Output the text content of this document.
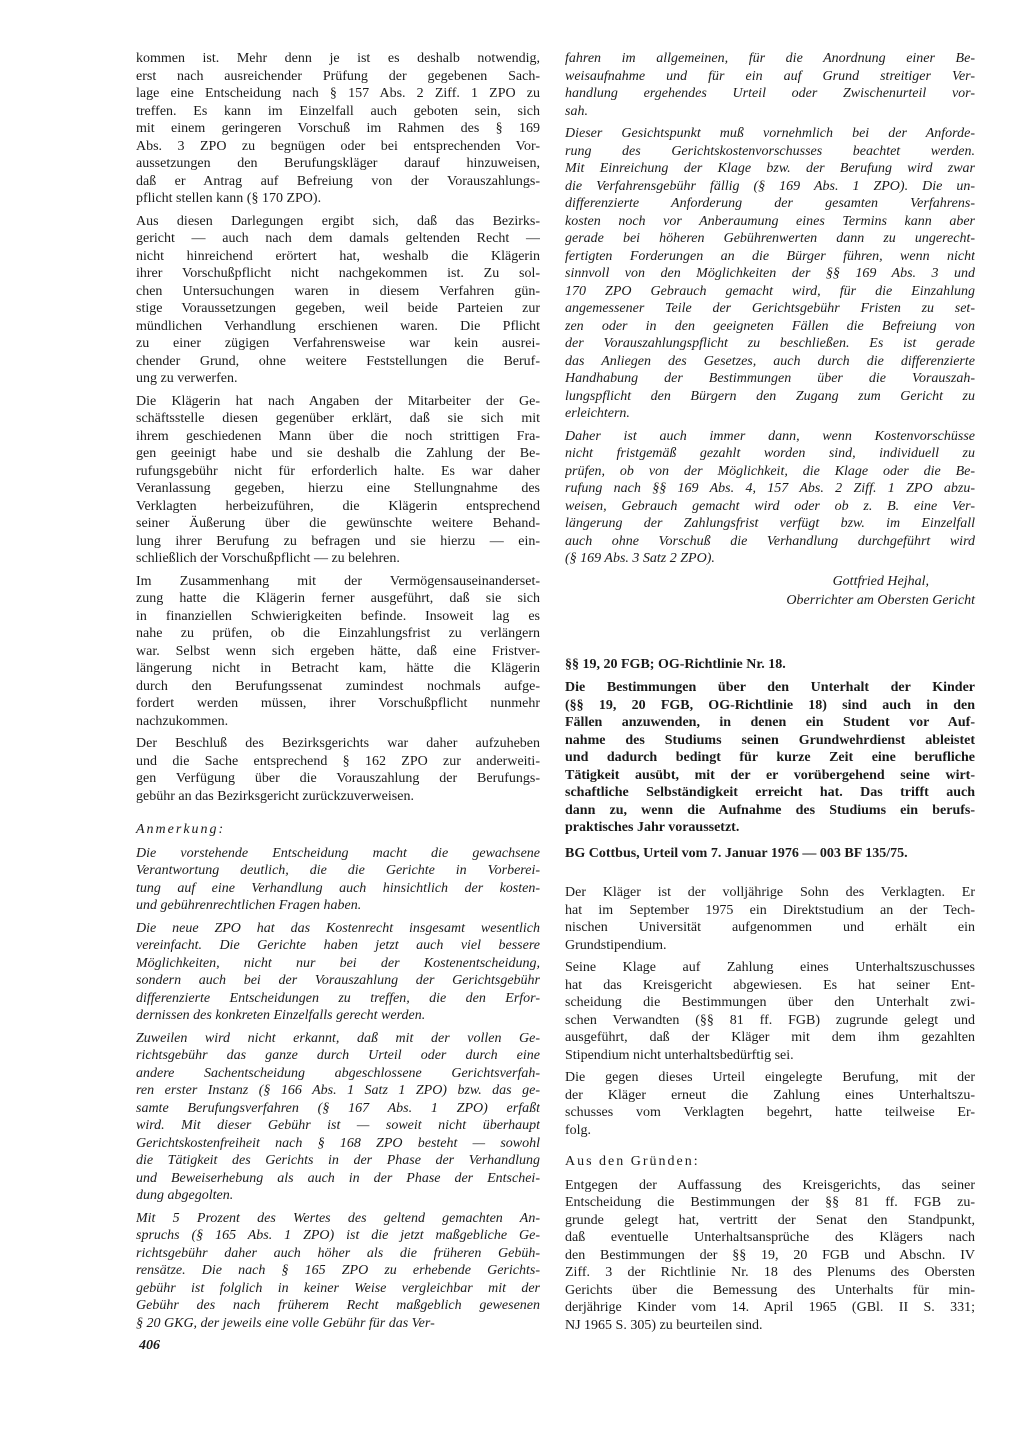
kommen ist. Mehr denn je ist es deshalb notwendig,
erst nach ausreichender Prüfung der gegebenen Sach-
lage eine Entscheidung nach § 157 Abs. 2 Ziff. 1 ZPO zu
treffen. Es kann im Einzelfall auch geboten sein, sich
mit einem geringeren Vorschuß im Rahmen des § 169
Abs. 3 ZPO zu begnügen oder bei entsprechenden Vor-
aussetzungen den Berufungskläger darauf hinzuweisen,
daß er Antrag auf Befreiung von der Vorauszahlungs-
pflicht stellen kann (§ 170 ZPO).
Aus diesen Darlegungen ergibt sich, daß das Bezirks-
gericht — auch nach dem damals geltenden Recht —
nicht hinreichend erörtert hat, weshalb die Klägerin
ihrer Vorschußpflicht nicht nachgekommen ist. Zu sol-
chen Untersuchungen waren in diesem Verfahren gün-
stige Voraussetzungen gegeben, weil beide Parteien zur
mündlichen Verhandlung erschienen waren. Die Pflicht
zu einer zügigen Verfahrensweise war kein ausrei-
chender Grund, ohne weitere Feststellungen die Beruf-
ung zu verwerfen.
Die Klägerin hat nach Angaben der Mitarbeiter der Ge-
schäftsstelle diesen gegenüber erklärt, daß sie sich mit
ihrem geschiedenen Mann über die noch strittigen Fra-
gen geeinigt habe und sie deshalb die Zahlung der Be-
rufungsgebühr nicht für erforderlich halte. Es war daher
Veranlassung gegeben, hierzu eine Stellungnahme des
Verklagten herbeizuführen, die Klägerin entsprechend
seiner Äußerung über die gewünschte weitere Behand-
lung ihrer Berufung zu befragen und sie hierzu — ein-
schließlich der Vorschußpflicht — zu belehren.
Im Zusammenhang mit der Vermögensauseinanderset-
zung hatte die Klägerin ferner ausgeführt, daß sie sich
in finanziellen Schwierigkeiten befinde. Insoweit lag es
nahe zu prüfen, ob die Einzahlungsfrist zu verlängern
war. Selbst wenn sich ergeben hätte, daß eine Fristver-
längerung nicht in Betracht kam, hätte die Klägerin
durch den Berufungssenat zumindest nochmals aufge-
fordert werden müssen, ihrer Vorschußpflicht nunmehr
nachzukommen.
Der Beschluß des Bezirksgerichts war daher aufzuheben
und die Sache entsprechend § 162 ZPO zur anderweiti-
gen Verfügung über die Vorauszahlung der Berufungs-
gebühr an das Bezirksgericht zurückzuverweisen.
Anmerkung:
Die vorstehende Entscheidung macht die gewachsene
Verantwortung deutlich, die die Gerichte in Vorberei-
tung auf eine Verhandlung auch hinsichtlich der kosten-
und gebührenrechtlichen Fragen haben.
Die neue ZPO hat das Kostenrecht insgesamt wesentlich
vereinfacht. Die Gerichte haben jetzt auch viel bessere
Möglichkeiten, nicht nur bei der Kostenentscheidung,
sondern auch bei der Vorauszahlung der Gerichtsgebühr
differenzierte Entscheidungen zu treffen, die den Erfor-
dernissen des konkreten Einzelfalls gerecht werden.
Zuweilen wird nicht erkannt, daß mit der vollen Ge-
richtsgebühr das ganze durch Urteil oder durch eine
andere Sachentscheidung abgeschlossene Gerichtsverfah-
ren erster Instanz (§ 166 Abs. 1 Satz 1 ZPO) bzw. das ge-
samte Berufungsverfahren (§ 167 Abs. 1 ZPO) erfaßt
wird. Mit dieser Gebühr ist — soweit nicht überhaupt
Gerichtskostenfreiheit nach § 168 ZPO besteht — sowohl
die Tätigkeit des Gerichts in der Phase der Verhandlung
und Beweiserhebung als auch in der Phase der Entschei-
dung abgegolten.
Mit 5 Prozent des Wertes des geltend gemachten An-
spruchs (§ 165 Abs. 1 ZPO) ist die jetzt maßgebliche Ge-
richtsgebühr daher auch höher als die früheren Gebüh-
rensätze. Die nach § 165 ZPO zu erhebende Gerichts-
gebühr ist folglich in keiner Weise vergleichbar mit der
Gebühr des nach früherem Recht maßgeblich gewesenen
§ 20 GKG, der jeweils eine volle Gebühr für das Ver-
fahren im allgemeinen, für die Anordnung einer Be-
weisaufnahme und für ein auf Grund streitiger Ver-
handlung ergehendes Urteil oder Zwischenurteil vor-
sah.
Dieser Gesichtspunkt muß vornehmlich bei der Anforde-
rung des Gerichtskostenvorschusses beachtet werden.
Mit Einreichung der Klage bzw. der Berufung wird zwar
die Verfahrensgebühr fällig (§ 169 Abs. 1 ZPO). Die un-
differenzierte Anforderung der gesamten Verfahrens-
kosten noch vor Anberaumung eines Termins kann aber
gerade bei höheren Gebührenwerten dann zu ungerecht-
fertigten Forderungen an die Bürger führen, wenn nicht
sinnvoll von den Möglichkeiten der §§ 169 Abs. 3 und
170 ZPO Gebrauch gemacht wird, für die Einzahlung
angemessener Teile der Gerichtsgebühr Fristen zu set-
zen oder in den geeigneten Fällen die Befreiung von
der Vorauszahlungspflicht zu beschließen. Es ist gerade
das Anliegen des Gesetzes, auch durch die differenzierte
Handhabung der Bestimmungen über die Vorauszah-
lungspflicht den Bürgern den Zugang zum Gericht zu
erleichtern.
Daher ist auch immer dann, wenn Kostenvorschüsse
nicht fristgemäß gezahlt worden sind, individuell zu
prüfen, ob von der Möglichkeit, die Klage oder die Be-
rufung nach §§ 169 Abs. 4, 157 Abs. 2 Ziff. 1 ZPO abzu-
weisen, Gebrauch gemacht wird oder ob z. B. eine Ver-
längerung der Zahlungsfrist verfügt bzw. im Einzelfall
auch ohne Vorschuß die Verhandlung durchgeführt wird
(§ 169 Abs. 3 Satz 2 ZPO).
Gottfried Hejhal,
Oberrichter am Obersten Gericht
§§ 19, 20 FGB; OG-Richtlinie Nr. 18.
Die Bestimmungen über den Unterhalt der Kinder
(§§ 19, 20 FGB, OG-Richtlinie 18) sind auch in den
Fällen anzuwenden, in denen ein Student vor Auf-
nahme des Studiums seinen Grundwehrdienst ableistet
und dadurch bedingt für kurze Zeit eine berufliche
Tätigkeit ausübt, mit der er vorübergehend seine wirt-
schaftliche Selbständigkeit erreicht hat. Das trifft auch
dann zu, wenn die Aufnahme des Studiums ein berufs-
praktisches Jahr voraussetzt.
BG Cottbus, Urteil vom 7. Januar 1976 — 003 BF 135/75.
Der Kläger ist der volljährige Sohn des Verklagten. Er
hat im September 1975 ein Direktstudium an der Tech-
nischen Universität aufgenommen und erhält ein
Grundstipendium.
Seine Klage auf Zahlung eines Unterhaltszuschusses
hat das Kreisgericht abgewiesen. Es hat seiner Ent-
scheidung die Bestimmungen über den Unterhalt zwi-
schen Verwandten (§§ 81 ff. FGB) zugrunde gelegt und
ausgeführt, daß der Kläger mit dem ihm gezahlten
Stipendium nicht unterhaltsbedürftig sei.
Die gegen dieses Urteil eingelegte Berufung, mit der
der Kläger erneut die Zahlung eines Unterhaltszu-
schusses vom Verklagten begehrt, hatte teilweise Er-
folg.
Aus den Gründen:
Entgegen der Auffassung des Kreisgerichts, das seiner
Entscheidung die Bestimmungen der §§ 81 ff. FGB zu-
grunde gelegt hat, vertritt der Senat den Standpunkt,
daß eventuelle Unterhaltsansprüche des Klägers nach
den Bestimmungen der §§ 19, 20 FGB und Abschn. IV
Ziff. 3 der Richtlinie Nr. 18 des Plenums des Obersten
Gerichts über die Bemessung des Unterhalts für min-
derjährige Kinder vom 14. April 1965 (GBl. II S. 331;
NJ 1965 S. 305) zu beurteilen sind.
406
